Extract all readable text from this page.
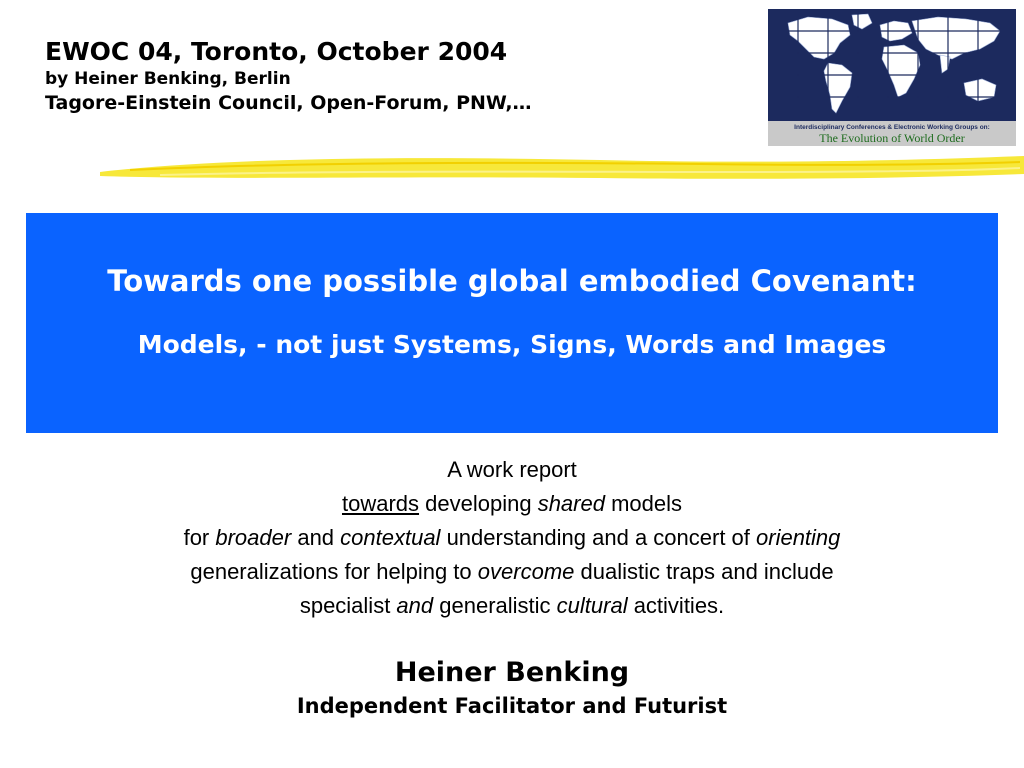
EWOC 04, Toronto, October 2004
by Heiner Benking, Berlin
Tagore-Einstein Council, Open-Forum, PNW,…
Interdisciplinary Conferences & Electronic Working Groups on:
The Evolution of World Order
Towards one possible global embodied Covenant:
Models, - not just Systems, Signs, Words and Images
A work report
towards developing shared models
for broader and contextual understanding and a concert of orienting
generalizations for helping to overcome dualistic traps and include
specialist and generalistic cultural activities.
Heiner Benking
Independent Facilitator and Futurist
